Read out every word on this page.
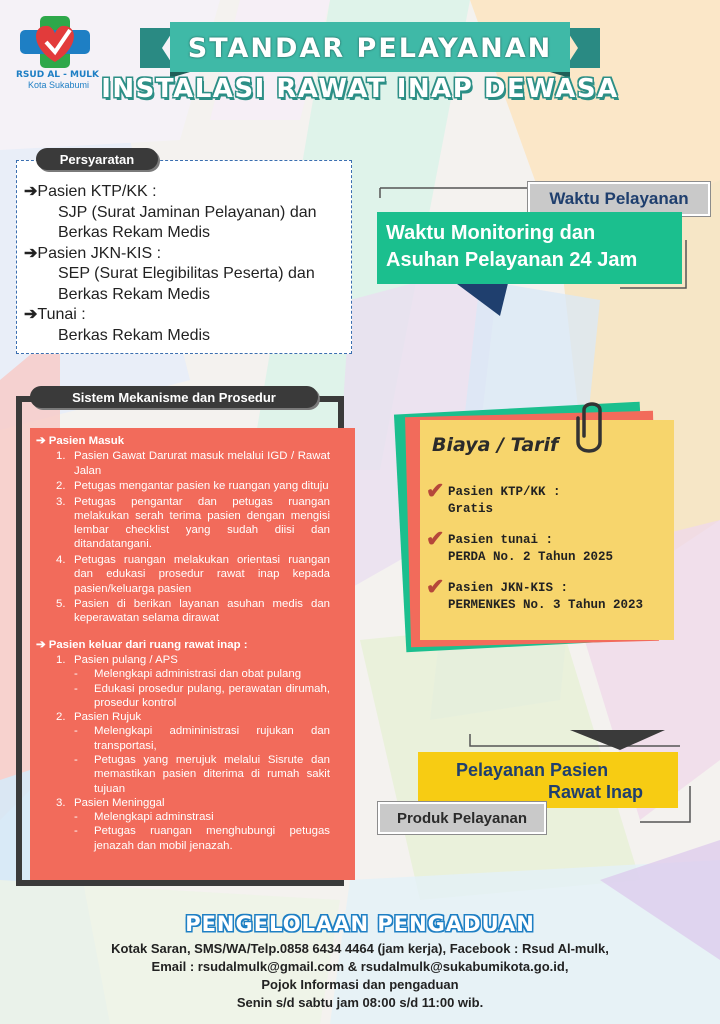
RSUD AL - MULK
Kota Sukabumi
STANDAR PELAYANAN
INSTALASI RAWAT INAP DEWASA
Persyaratan
➔Pasien KTP/KK :
SJP (Surat Jaminan Pelayanan) dan
Berkas Rekam Medis
➔Pasien JKN-KIS :
SEP (Surat Elegibilitas Peserta) dan
Berkas Rekam Medis
➔Tunai :
Berkas Rekam Medis
Waktu Pelayanan
Waktu Monitoring dan
Asuhan Pelayanan 24 Jam
Sistem Mekanisme dan Prosedur
➔ Pasien Masuk
1. Pasien Gawat Darurat masuk melalui IGD / Rawat Jalan
2. Petugas mengantar pasien ke ruangan yang dituju
3. Petugas pengantar dan petugas ruangan melakukan serah terima pasien dengan mengisi lembar checklist yang sudah diisi dan ditandatangani.
4. Petugas ruangan melakukan orientasi ruangan dan edukasi prosedur rawat inap kepada pasien/keluarga pasien
5. Pasien di berikan layanan asuhan medis dan keperawatan selama dirawat
➔ Pasien keluar dari ruang rawat inap :
1. Pasien pulang / APS
- Melengkapi administrasi dan obat pulang
- Edukasi prosedur pulang, perawatan dirumah, prosedur kontrol
2. Pasien Rujuk
- Melengkapi admininistrasi rujukan dan transportasi,
- Petugas yang merujuk melalui Sisrute dan memastikan pasien diterima di rumah sakit tujuan
3. Pasien Meninggal
- Melengkapi adminstrasi
- Petugas ruangan menghubungi petugas jenazah dan mobil jenazah.
Biaya / Tarif
✔ Pasien KTP/KK :
Gratis
✔ Pasien tunai :
PERDA No. 2 Tahun 2025
✔ Pasien JKN-KIS :
PERMENKES No. 3 Tahun 2023
Pelayanan Pasien
Rawat Inap
Produk Pelayanan
PENGELOLAAN PENGADUAN
Kotak Saran, SMS/WA/Telp.0858 6434 4464 (jam kerja), Facebook : Rsud Al-mulk,
Email : rsudalmulk@gmail.com & rsudalmulk@sukabumikota.go.id,
Pojok Informasi dan pengaduan
Senin s/d sabtu jam 08:00 s/d 11:00 wib.
